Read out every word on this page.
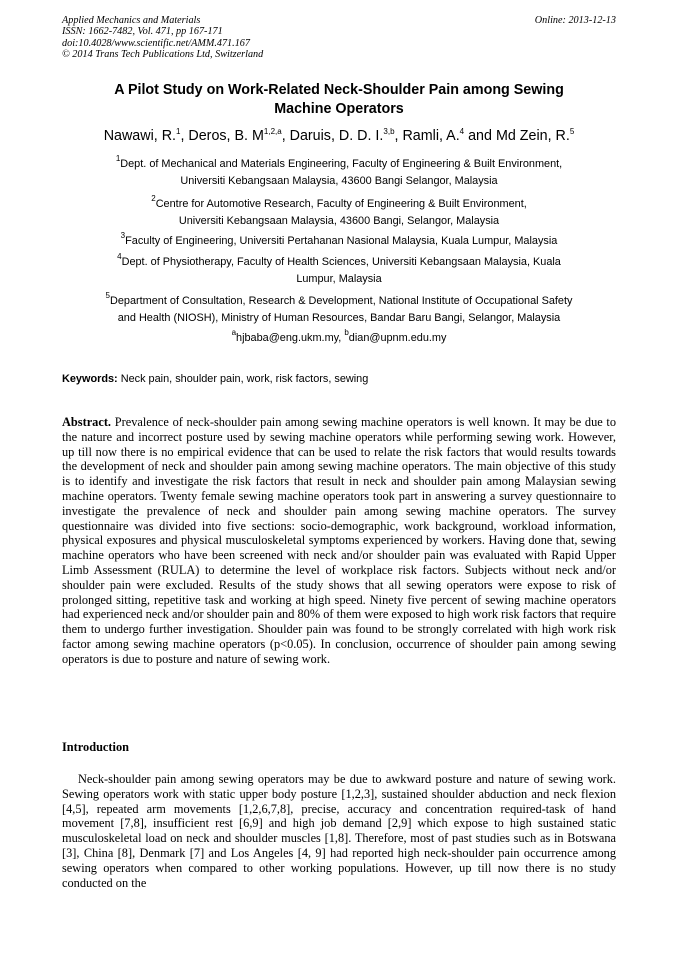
Applied Mechanics and Materials
ISSN: 1662-7482, Vol. 471, pp 167-171
doi:10.4028/www.scientific.net/AMM.471.167
© 2014 Trans Tech Publications Ltd, Switzerland
Online: 2013-12-13
A Pilot Study on Work-Related Neck-Shoulder Pain among Sewing
Machine Operators
Nawawi, R.$^1$, Deros, B. M$^{1,2,a}$, Daruis, D. D. I.$^{3,b}$, Ramli, A.$^4$ and Md Zein, R.$^5$
$^1$Dept. of Mechanical and Materials Engineering, Faculty of Engineering & Built Environment,
Universiti Kebangsaan Malaysia, 43600 Bangi Selangor, Malaysia
$^2$Centre for Automotive Research, Faculty of Engineering & Built Environment,
Universiti Kebangsaan Malaysia, 43600 Bangi, Selangor, Malaysia
$^3$Faculty of Engineering, Universiti Pertahanan Nasional Malaysia, Kuala Lumpur, Malaysia
$^4$Dept. of Physiotherapy, Faculty of Health Sciences, Universiti Kebangsaan Malaysia, Kuala
Lumpur, Malaysia
$^5$Department of Consultation, Research & Development, National Institute of Occupational Safety
and Health (NIOSH), Ministry of Human Resources, Bandar Baru Bangi, Selangor, Malaysia
$^a$hjbaba@eng.ukm.my, $^b$dian@upnm.edu.my
Keywords: Neck pain, shoulder pain, work, risk factors, sewing
Abstract. Prevalence of neck-shoulder pain among sewing machine operators is well known. It may be due to the nature and incorrect posture used by sewing machine operators while performing sewing work. However, up till now there is no empirical evidence that can be used to relate the risk factors that would results towards the development of neck and shoulder pain among sewing machine operators. The main objective of this study is to identify and investigate the risk factors that result in neck and shoulder pain among Malaysian sewing machine operators. Twenty female sewing machine operators took part in answering a survey questionnaire to investigate the prevalence of neck and shoulder pain among sewing machine operators. The survey questionnaire was divided into five sections: socio-demographic, work background, workload information, physical exposures and physical musculoskeletal symptoms experienced by workers. Having done that, sewing machine operators who have been screened with neck and/or shoulder pain was evaluated with Rapid Upper Limb Assessment (RULA) to determine the level of workplace risk factors. Subjects without neck and/or shoulder pain were excluded. Results of the study shows that all sewing operators were expose to risk of prolonged sitting, repetitive task and working at high speed. Ninety five percent of sewing machine operators had experienced neck and/or shoulder pain and 80% of them were exposed to high work risk factors that require them to undergo further investigation. Shoulder pain was found to be strongly correlated with high work risk factor among sewing machine operators (p<0.05). In conclusion, occurrence of shoulder pain among sewing operators is due to posture and nature of sewing work.
Introduction
Neck-shoulder pain among sewing operators may be due to awkward posture and nature of sewing work. Sewing operators work with static upper body posture [1,2,3], sustained shoulder abduction and neck flexion [4,5], repeated arm movements [1,2,6,7,8], precise, accuracy and concentration required-task of hand movement [7,8], insufficient rest [6,9] and high job demand [2,9] which expose to high sustained static musculoskeletal load on neck and shoulder muscles [1,8]. Therefore, most of past studies such as in Botswana [3], China [8], Denmark [7] and Los Angeles [4, 9] had reported high neck-shoulder pain occurrence among sewing operators when compared to other working populations. However, up till now there is no study conducted on the
